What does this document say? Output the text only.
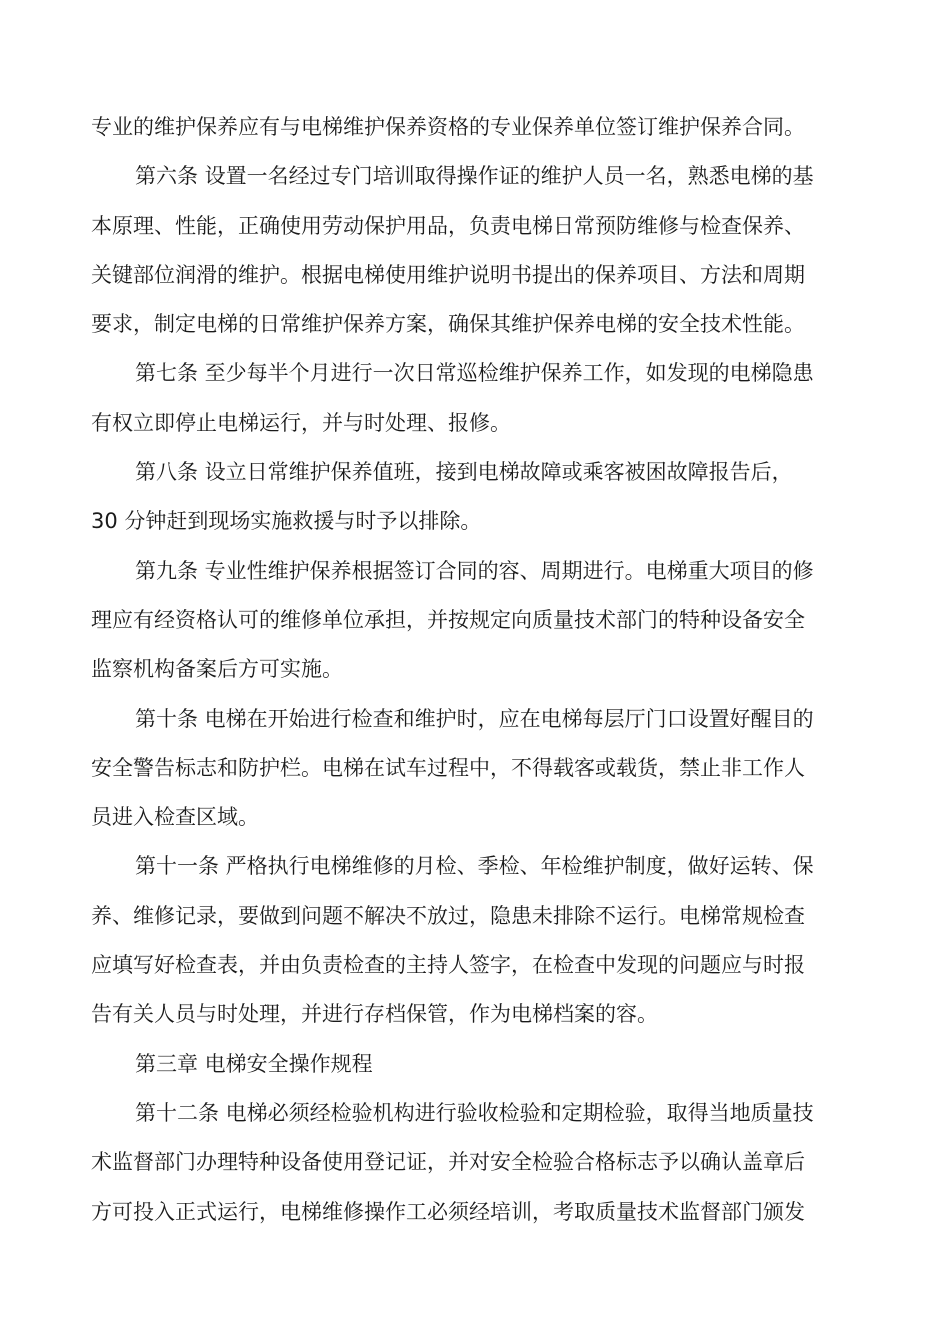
专业的维护保养应有与电梯维护保养资格的专业保养单位签订维护保养合同。
第六条 设置一名经过专门培训取得操作证的维护人员一名，熟悉电梯的基
本原理、性能，正确使用劳动保护用品，负责电梯日常预防维修与检查保养、
关键部位润滑的维护。根据电梯使用维护说明书提出的保养项目、方法和周期
要求，制定电梯的日常维护保养方案，确保其维护保养电梯的安全技术性能。
第七条 至少每半个月进行一次日常巡检维护保养工作，如发现的电梯隐患
有权立即停止电梯运行，并与时处理、报修。
第八条 设立日常维护保养值班，接到电梯故障或乘客被困故障报告后，
30 分钟赶到现场实施救援与时予以排除。
第九条 专业性维护保养根据签订合同的容、周期进行。电梯重大项目的修
理应有经资格认可的维修单位承担，并按规定向质量技术部门的特种设备安全
监察机构备案后方可实施。
第十条 电梯在开始进行检查和维护时，应在电梯每层厅门口设置好醒目的
安全警告标志和防护栏。电梯在试车过程中，不得载客或载货，禁止非工作人
员进入检查区域。
第十一条 严格执行电梯维修的月检、季检、年检维护制度，做好运转、保
养、维修记录，要做到问题不解决不放过，隐患未排除不运行。电梯常规检查
应填写好检查表，并由负责检查的主持人签字，在检查中发现的问题应与时报
告有关人员与时处理，并进行存档保管，作为电梯档案的容。
第三章 电梯安全操作规程
第十二条 电梯必须经检验机构进行验收检验和定期检验，取得当地质量技
术监督部门办理特种设备使用登记证，并对安全检验合格标志予以确认盖章后
方可投入正式运行，电梯维修操作工必须经培训，考取质量技术监督部门颁发
